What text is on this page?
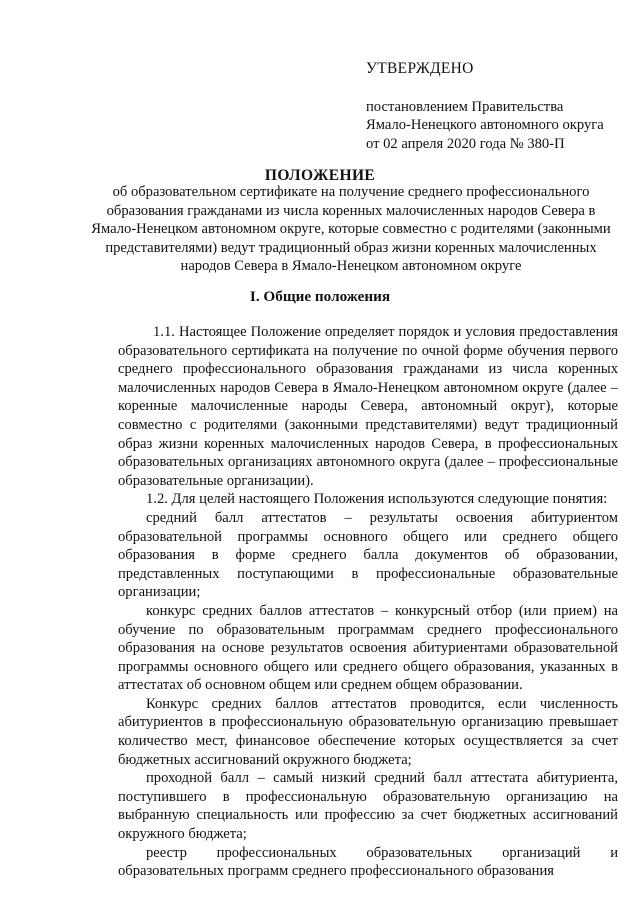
УТВЕРЖДЕНО
постановлением Правительства
Ямало-Ненецкого автономного округа
от 02 апреля 2020 года № 380-П
ПОЛОЖЕНИЕ
об образовательном сертификате на получение среднего профессионального образования гражданами из числа коренных малочисленных народов Севера в Ямало-Ненецком автономном округе, которые совместно с родителями (законными представителями) ведут традиционный образ жизни коренных малочисленных народов Севера в Ямало-Ненецком автономном округе
I. Общие положения

1.1. Настоящее Положение определяет порядок и условия предоставления образовательного сертификата на получение по очной форме обучения первого среднего профессионального образования гражданами из числа коренных малочисленных народов Севера в Ямало-Ненецком автономном округе (далее – коренные малочисленные народы Севера, автономный округ), которые совместно с родителями (законными представителями) ведут традиционный образ жизни коренных малочисленных народов Севера, в профессиональных образовательных организациях автономного округа (далее – профессиональные образовательные организации).

1.2. Для целей настоящего Положения используются следующие понятия:

средний балл аттестатов – результаты освоения абитуриентом образовательной программы основного общего или среднего общего образования в форме среднего балла документов об образовании, представленных поступающими в профессиональные образовательные организации;

конкурс средних баллов аттестатов – конкурсный отбор (или прием) на обучение по образовательным программам среднего профессионального образования на основе результатов освоения абитуриентами образовательной программы основного общего или среднего общего образования, указанных в аттестатах об основном общем или среднем общем образовании.

Конкурс средних баллов аттестатов проводится, если численность абитуриентов в профессиональную образовательную организацию превышает количество мест, финансовое обеспечение которых осуществляется за счет бюджетных ассигнований окружного бюджета;

проходной балл – самый низкий средний балл аттестата абитуриента, поступившего в профессиональную образовательную организацию на выбранную специальность или профессию за счет бюджетных ассигнований окружного бюджета;

реестр профессиональных образовательных организаций и образовательных программ среднего профессионального образования
